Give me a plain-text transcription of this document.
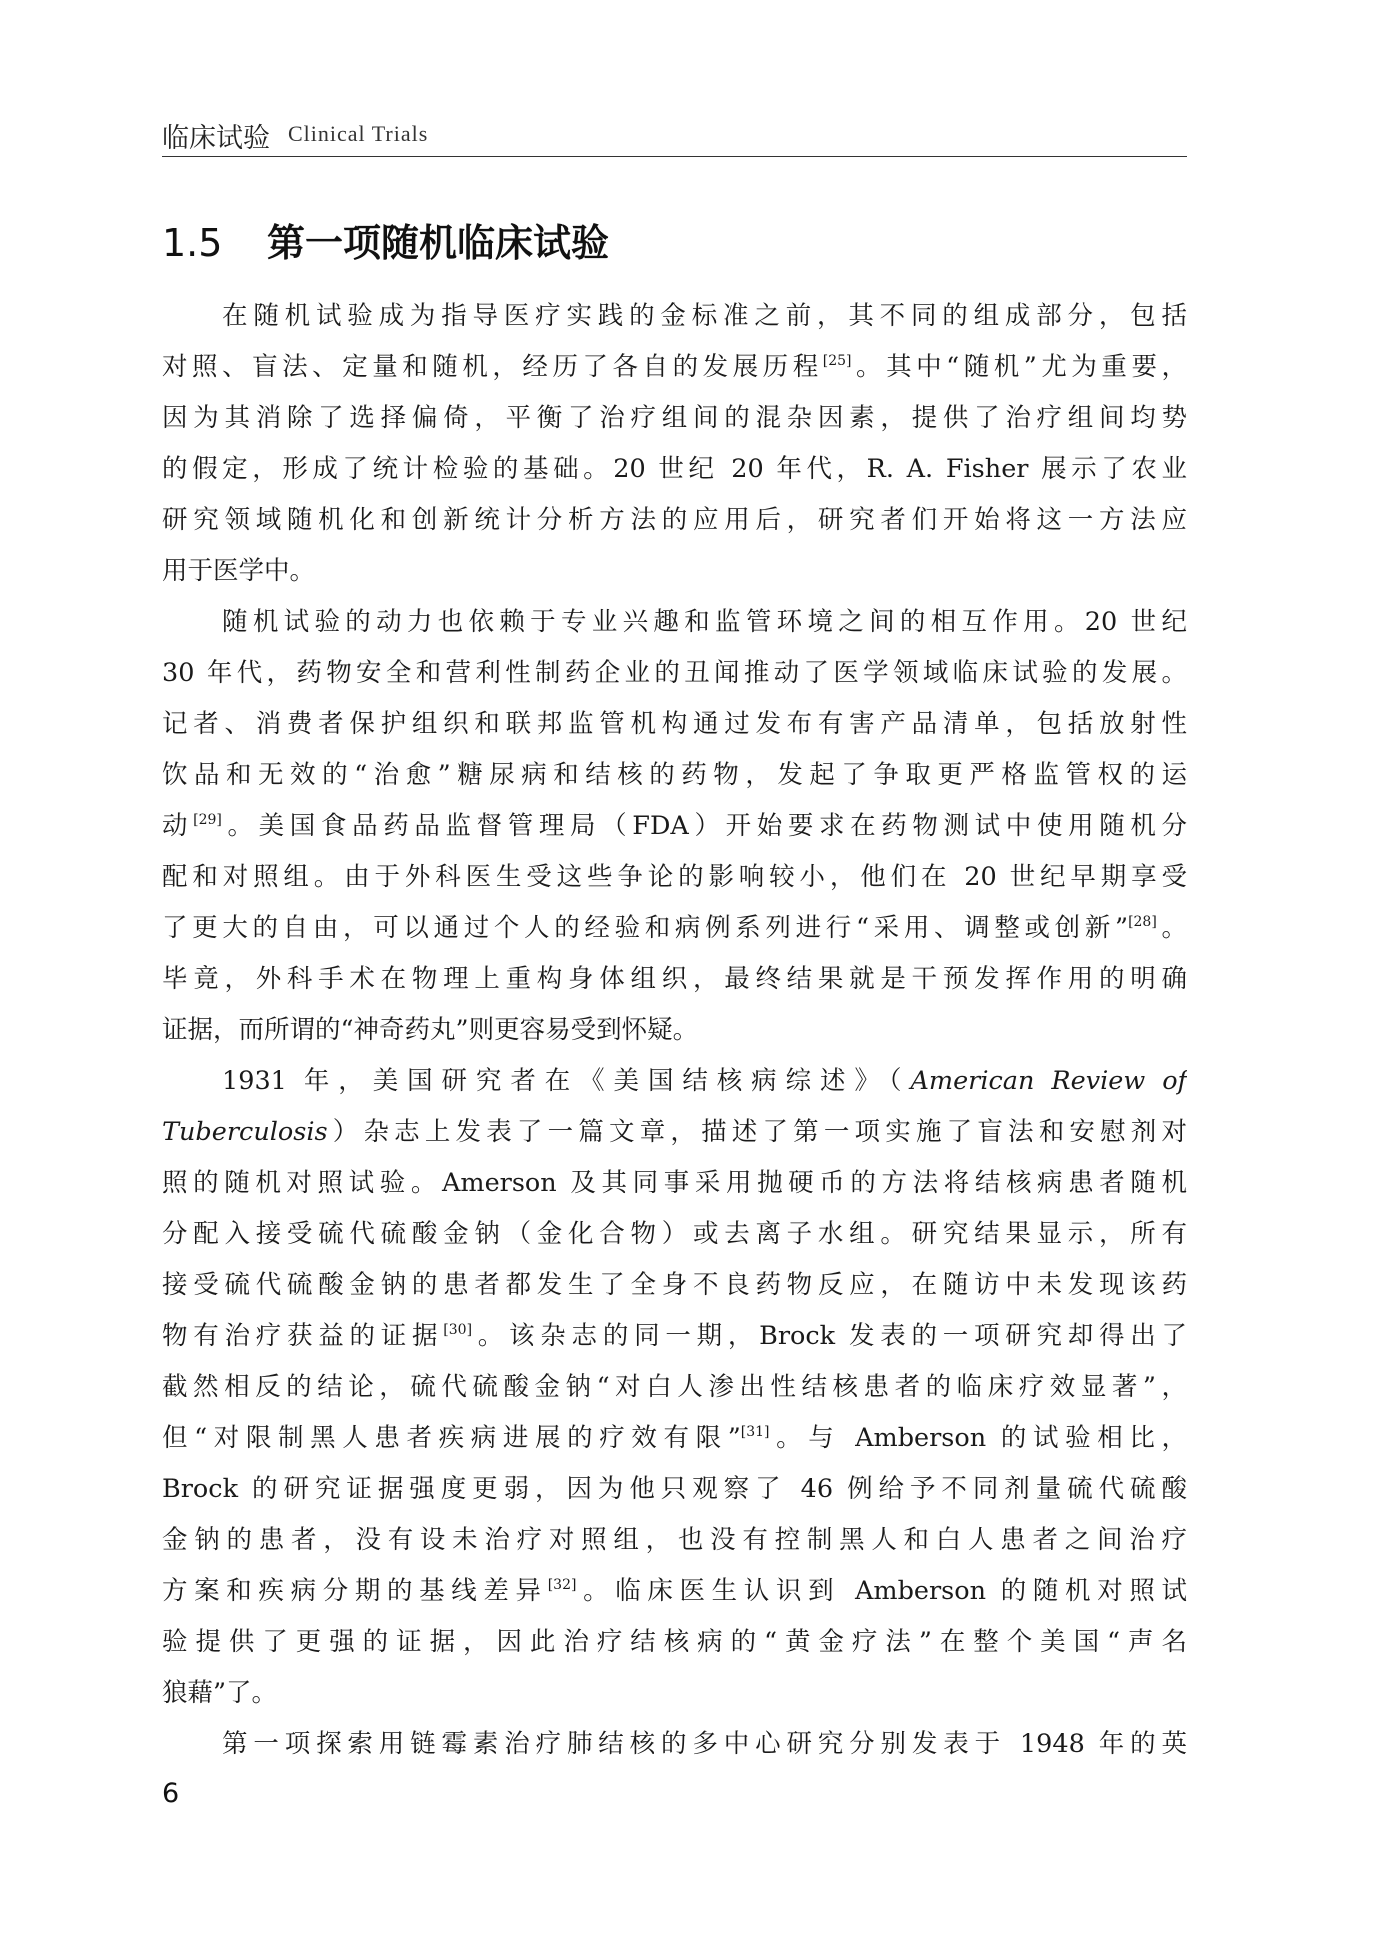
临床试验 Clinical Trials
1.5 第一项随机临床试验

在随机试验成为指导医疗实践的金标准之前，其不同的组成部分，包括
对照、盲法、定量和随机，经历了各自的发展历程[25]。其中“随机”尤为重要，
因为其消除了选择偏倚，平衡了治疗组间的混杂因素，提供了治疗组间均势
的假定，形成了统计检验的基础。20 世纪 20 年代，R. A. Fisher 展示了农业
研究领域随机化和创新统计分析方法的应用后，研究者们开始将这一方法应
用于医学中。

随机试验的动力也依赖于专业兴趣和监管环境之间的相互作用。20 世纪
30 年代，药物安全和营利性制药企业的丑闻推动了医学领域临床试验的发展。
记者、消费者保护组织和联邦监管机构通过发布有害产品清单，包括放射性
饮品和无效的“治愈”糖尿病和结核的药物，发起了争取更严格监管权的运
动[29]。美国食品药品监督管理局（FDA）开始要求在药物测试中使用随机分
配和对照组。由于外科医生受这些争论的影响较小，他们在 20 世纪早期享受
了更大的自由，可以通过个人的经验和病例系列进行“采用、调整或创新”[28]。
毕竟，外科手术在物理上重构身体组织，最终结果就是干预发挥作用的明确
证据，而所谓的“神奇药丸”则更容易受到怀疑。

1931 年，美国研究者在《美国结核病综述》（American Review of
Tuberculosis）杂志上发表了一篇文章，描述了第一项实施了盲法和安慰剂对
照的随机对照试验。Amerson 及其同事采用抛硬币的方法将结核病患者随机
分配入接受硫代硫酸金钠（金化合物）或去离子水组。研究结果显示，所有
接受硫代硫酸金钠的患者都发生了全身不良药物反应，在随访中未发现该药
物有治疗获益的证据[30]。该杂志的同一期，Brock 发表的一项研究却得出了
截然相反的结论，硫代硫酸金钠“对白人渗出性结核患者的临床疗效显著”，
但“对限制黑人患者疾病进展的疗效有限”[31]。与 Amberson 的试验相比，
Brock 的研究证据强度更弱，因为他只观察了 46 例给予不同剂量硫代硫酸
金钠的患者，没有设未治疗对照组，也没有控制黑人和白人患者之间治疗
方案和疾病分期的基线差异[32]。临床医生认识到 Amberson 的随机对照试
验提供了更强的证据，因此治疗结核病的“黄金疗法”在整个美国“声名
狼藉”了。

第一项探索用链霉素治疗肺结核的多中心研究分别发表于 1948 年的英

6
